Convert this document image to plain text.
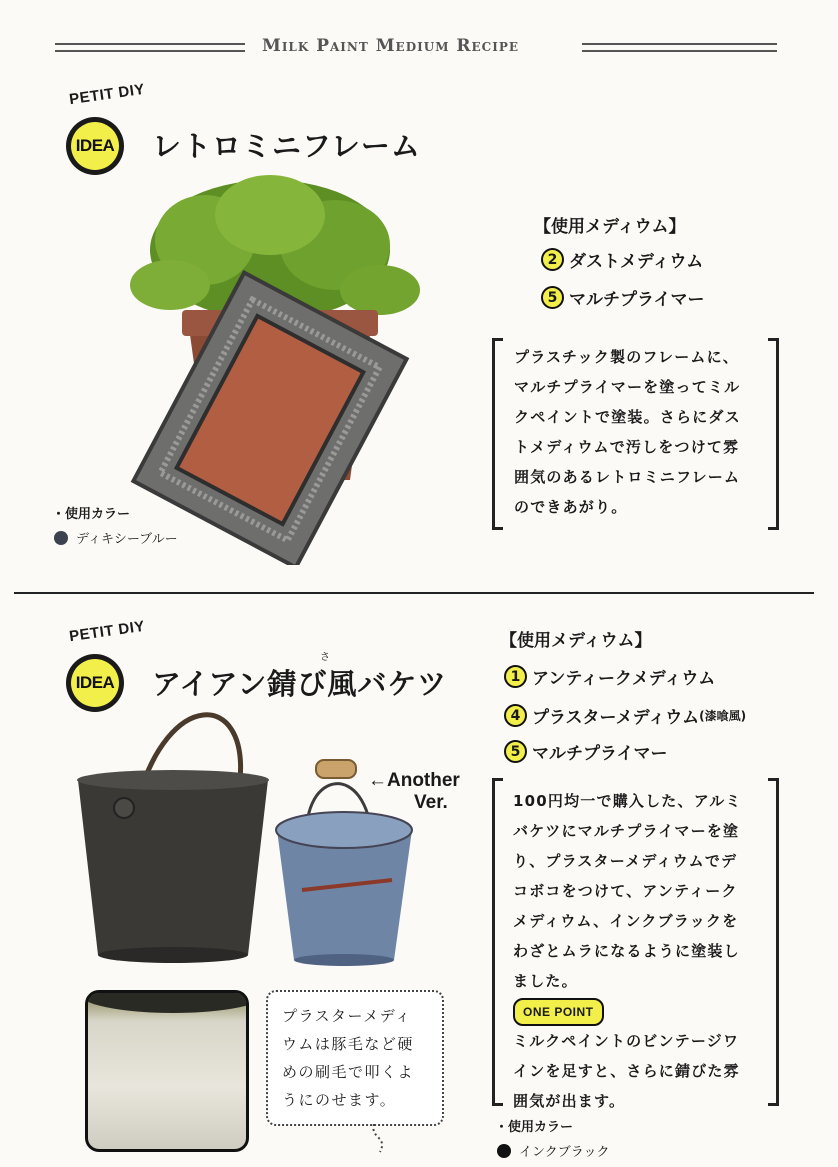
Milk Paint Medium Recipe
PETIT DIY
IDEA レトロミニフレーム
【使用メディウム】
2 ダストメディウム
5 マルチプライマー
プラスチック製のフレームに、
マルチプライマーを塗ってミル
クペイントで塗装。さらにダス
トメディウムで汚しをつけて雰
囲気のあるレトロミニフレーム
のできあがり。
・使用カラー
ディキシーブルー
PETIT DIY
IDEA
さ
アイアン錆び風バケツ
←Another
Ver.
プラスターメディ
ウムは豚毛など硬
めの刷毛で叩くよ
うにのせます。
【使用メディウム】
1 アンティークメディウム
4 プラスターメディウム (漆喰風)
5 マルチプライマー
100円均一で購入した、アルミ
バケツにマルチプライマーを塗
り、プラスターメディウムでデ
コボコをつけて、アンティーク
メディウム、インクブラックを
わざとムラになるように塗装し
ました。
ONE POINT
ミルクペイントのビンテージワ
インを足すと、さらに錆びた雰
囲気が出ます。
・使用カラー
インクブラック
